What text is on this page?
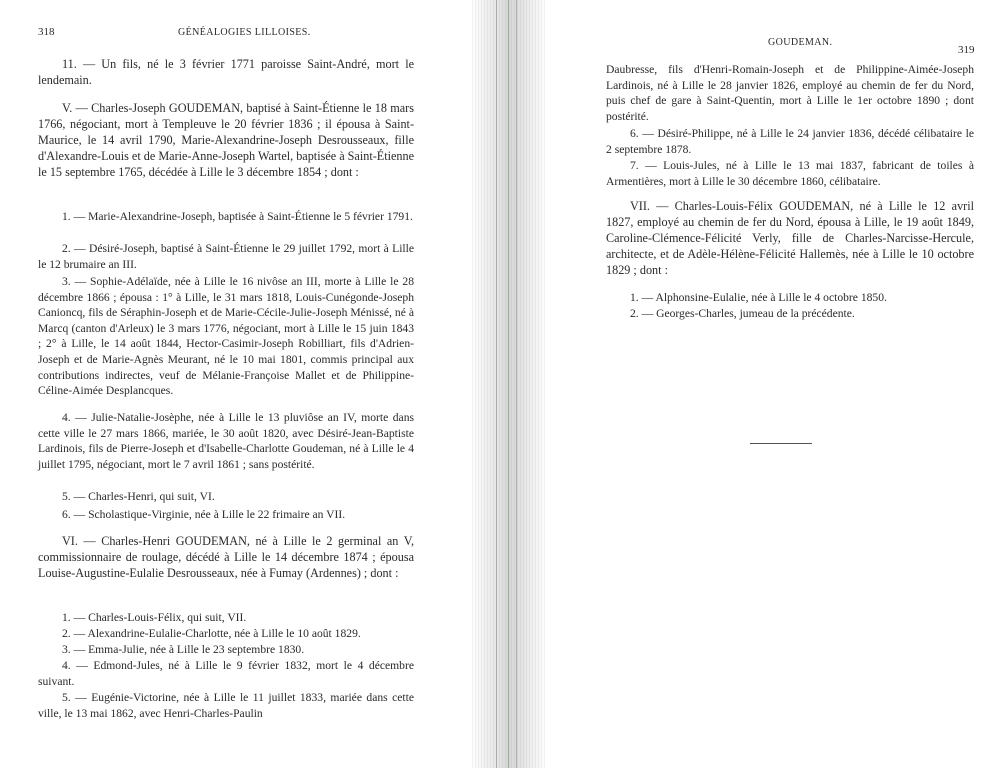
318	GÉNÉALOGIES LILLOISES.

11. — Un fils, né le 3 février 1771 paroisse Saint-André, mort le lendemain.

V. — Charles-Joseph GOUDEMAN, baptisé à Saint-Étienne le 18 mars 1766, négociant, mort à Templeuve le 20 février 1836 ; il épousa à Saint-Maurice, le 14 avril 1790, Marie-Alexandrine-Joseph Desrousseaux, fille d'Alexandre-Louis et de Marie-Anne-Joseph Wartel, baptisée à Saint-Étienne le 15 septembre 1765, décédée à Lille le 3 décembre 1854 ; dont :

1. — Marie-Alexandrine-Joseph, baptisée à Saint-Étienne le 5 février 1791.

2. — Désiré-Joseph, baptisé à Saint-Étienne le 29 juillet 1792, mort à Lille le 12 brumaire an III.

3. — Sophie-Adélaïde, née à Lille le 16 nivôse an III, morte à Lille le 28 décembre 1866 ; épousa : 1° à Lille, le 31 mars 1818, Louis-Cunégonde-Joseph Canioncq, fils de Séraphin-Joseph et de Marie-Cécile-Julie-Joseph Ménissé, né à Marcq (canton d'Arleux) le 3 mars 1776, négociant, mort à Lille le 15 juin 1843 ; 2° à Lille, le 14 août 1844, Hector-Casimir-Joseph Robilliart, fils d'Adrien-Joseph et de Marie-Agnès Meurant, né le 10 mai 1801, commis principal aux contributions indirectes, veuf de Mélanie-Françoise Mallet et de Philippine-Céline-Aimée Desplancques.

4. — Julie-Natalie-Josèphe, née à Lille le 13 pluviôse an IV, morte dans cette ville le 27 mars 1866, mariée, le 30 août 1820, avec Désiré-Jean-Baptiste Lardinois, fils de Pierre-Joseph et d'Isabelle-Charlotte Goudeman, né à Lille le 4 juillet 1795, négociant, mort le 7 avril 1861 ; sans postérité.

5. — Charles-Henri, qui suit, VI.

6. — Scholastique-Virginie, née à Lille le 22 frimaire an VII.

VI. — Charles-Henri GOUDEMAN, né à Lille le 2 germinal an V, commissionnaire de roulage, décédé à Lille le 14 décembre 1874 ; épousa Louise-Augustine-Eulalie Desrousseaux, née à Fumay (Ardennes) ; dont :

1. — Charles-Louis-Félix, qui suit, VII.

2. — Alexandrine-Eulalie-Charlotte, née à Lille le 10 août 1829.

3. — Emma-Julie, née à Lille le 23 septembre 1830.

4. — Edmond-Jules, né à Lille le 9 février 1832, mort le 4 décembre suivant.

5. — Eugénie-Victorine, née à Lille le 11 juillet 1833, mariée dans cette ville, le 13 mai 1862, avec Henri-Charles-Paulin

GOUDEMAN.
319

Daubresse, fils d'Henri-Romain-Joseph et de Philippine-Aimée-Joseph Lardinois, né à Lille le 28 janvier 1826, employé au chemin de fer du Nord, puis chef de gare à Saint-Quentin, mort à Lille le 1er octobre 1890 ; dont postérité.

6. — Désiré-Philippe, né à Lille le 24 janvier 1836, décédé célibataire le 2 septembre 1878.

7. — Louis-Jules, né à Lille le 13 mai 1837, fabricant de toiles à Armentières, mort à Lille le 30 décembre 1860, célibataire.

VII. — Charles-Louis-Félix GOUDEMAN, né à Lille le 12 avril 1827, employé au chemin de fer du Nord, épousa à Lille, le 19 août 1849, Caroline-Clémence-Félicité Verly, fille de Charles-Narcisse-Hercule, architecte, et de Adèle-Hélène-Félicité Hallemès, née à Lille le 10 octobre 1829 ; dont :

1. — Alphonsine-Eulalie, née à Lille le 4 octobre 1850.

2. — Georges-Charles, jumeau de la précédente.
